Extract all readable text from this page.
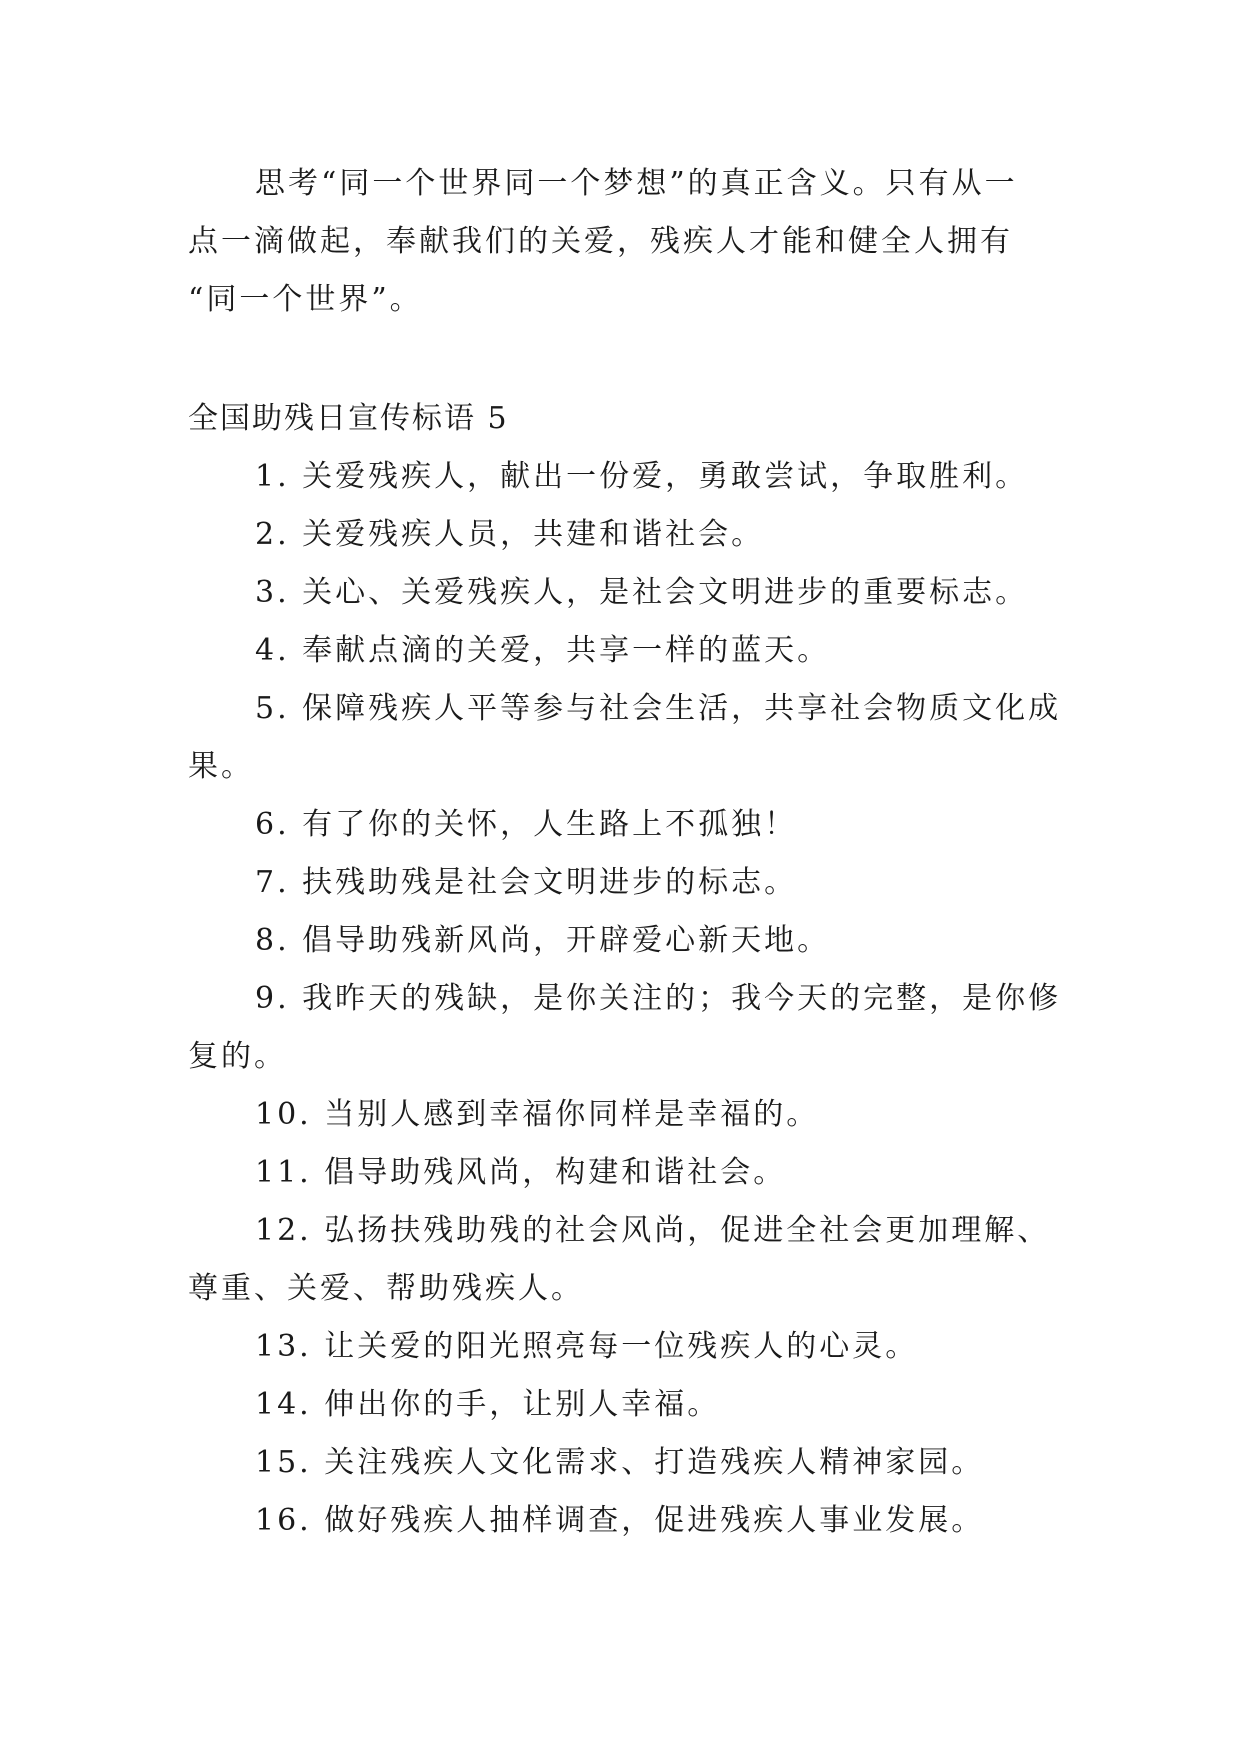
思考“同一个世界同一个梦想”的真正含义。只有从一
点一滴做起，奉献我们的关爱，残疾人才能和健全人拥有
“同一个世界”。
全国助残日宣传标语 5
1. 关爱残疾人，献出一份爱，勇敢尝试，争取胜利。
2. 关爱残疾人员，共建和谐社会。
3. 关心、关爱残疾人，是社会文明进步的重要标志。
4. 奉献点滴的关爱，共享一样的蓝天。
5. 保障残疾人平等参与社会生活，共享社会物质文化成
果。
6. 有了你的关怀，人生路上不孤独！
7. 扶残助残是社会文明进步的标志。
8. 倡导助残新风尚，开辟爱心新天地。
9. 我昨天的残缺，是你关注的；我今天的完整，是你修
复的。
10. 当别人感到幸福你同样是幸福的。
11. 倡导助残风尚，构建和谐社会。
12. 弘扬扶残助残的社会风尚，促进全社会更加理解、
尊重、关爱、帮助残疾人。
13. 让关爱的阳光照亮每一位残疾人的心灵。
14. 伸出你的手，让别人幸福。
15. 关注残疾人文化需求、打造残疾人精神家园。
16. 做好残疾人抽样调查，促进残疾人事业发展。
